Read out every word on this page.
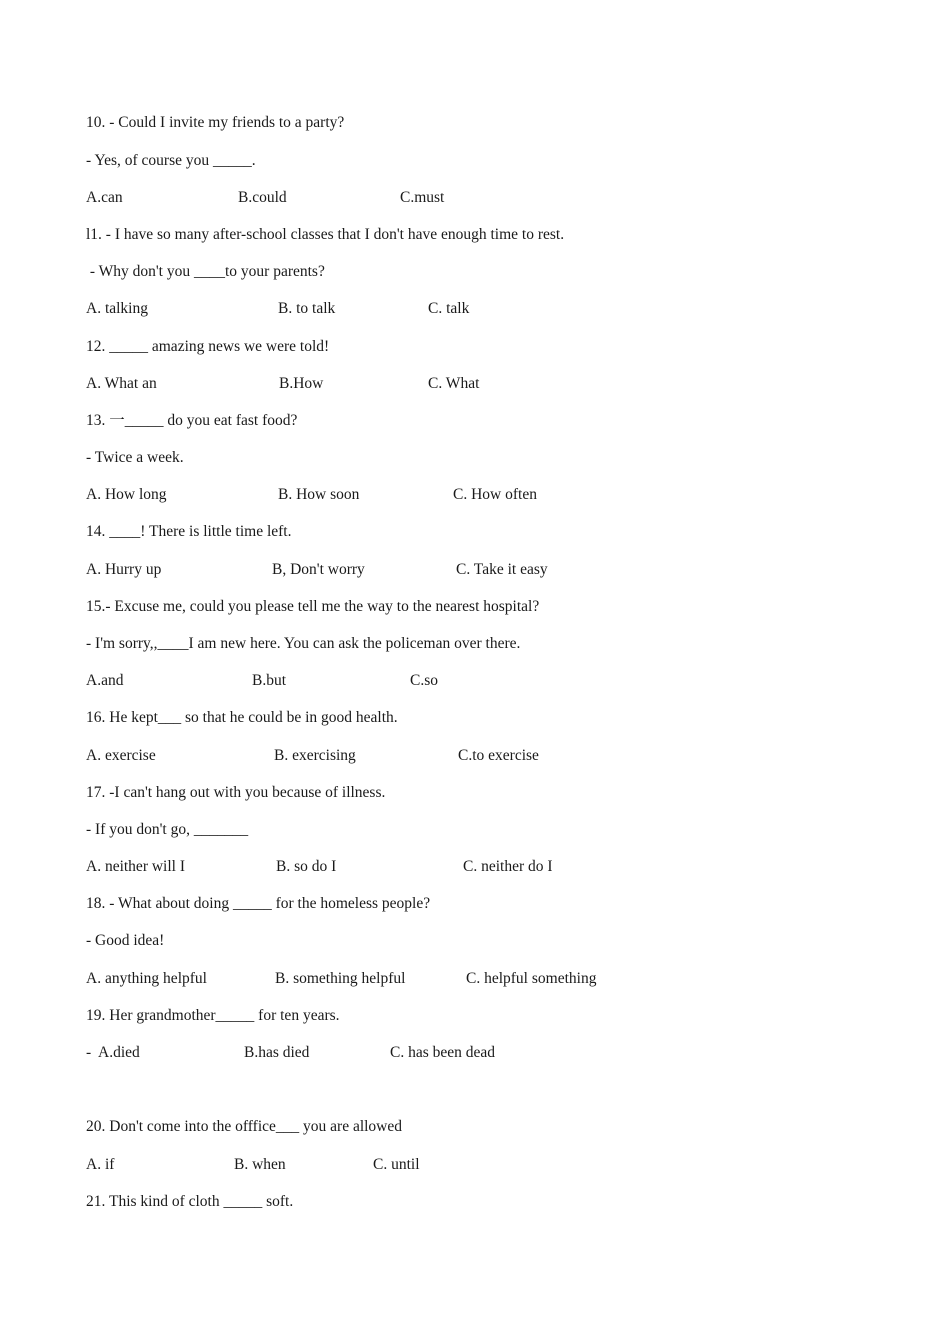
10. - Could I invite my friends to a party?
- Yes, of course you _____.
A.can	B.could	C.must
l1. - I have so many after-school classes that I don't have enough time to rest.
- Why don't you ____to your parents?
A. talking	B. to talk	C. talk
12. _____ amazing news we were told!
A. What an	B.How	C. What
13. 一_____ do you eat fast food?
- Twice a week.
A. How long	B. How soon	C. How often
14. ____! There is little time left.
A. Hurry up	B, Don't worry	C. Take it easy
15.- Excuse me, could you please tell me the way to the nearest hospital?
- I'm sorry,,____I am new here. You can ask the policeman over there.
A.and	B.but	C.so
16. He kept___ so that he could be in good health.
A. exercise	B. exercising	C.to exercise
17. -I can't hang out with you because of illness.
- If you don't go, _______
A. neither will I	B. so do I	C. neither do I
18. - What about doing _____ for the homeless people?
- Good idea!
A. anything helpful	B. something helpful	C. helpful something
19. Her grandmother_____ for ten years.
-  A.died	B.has died	C. has been dead
20. Don't come into the offfice___ you are allowed
A. if	B. when	C. until
21. This kind of cloth _____ soft.
